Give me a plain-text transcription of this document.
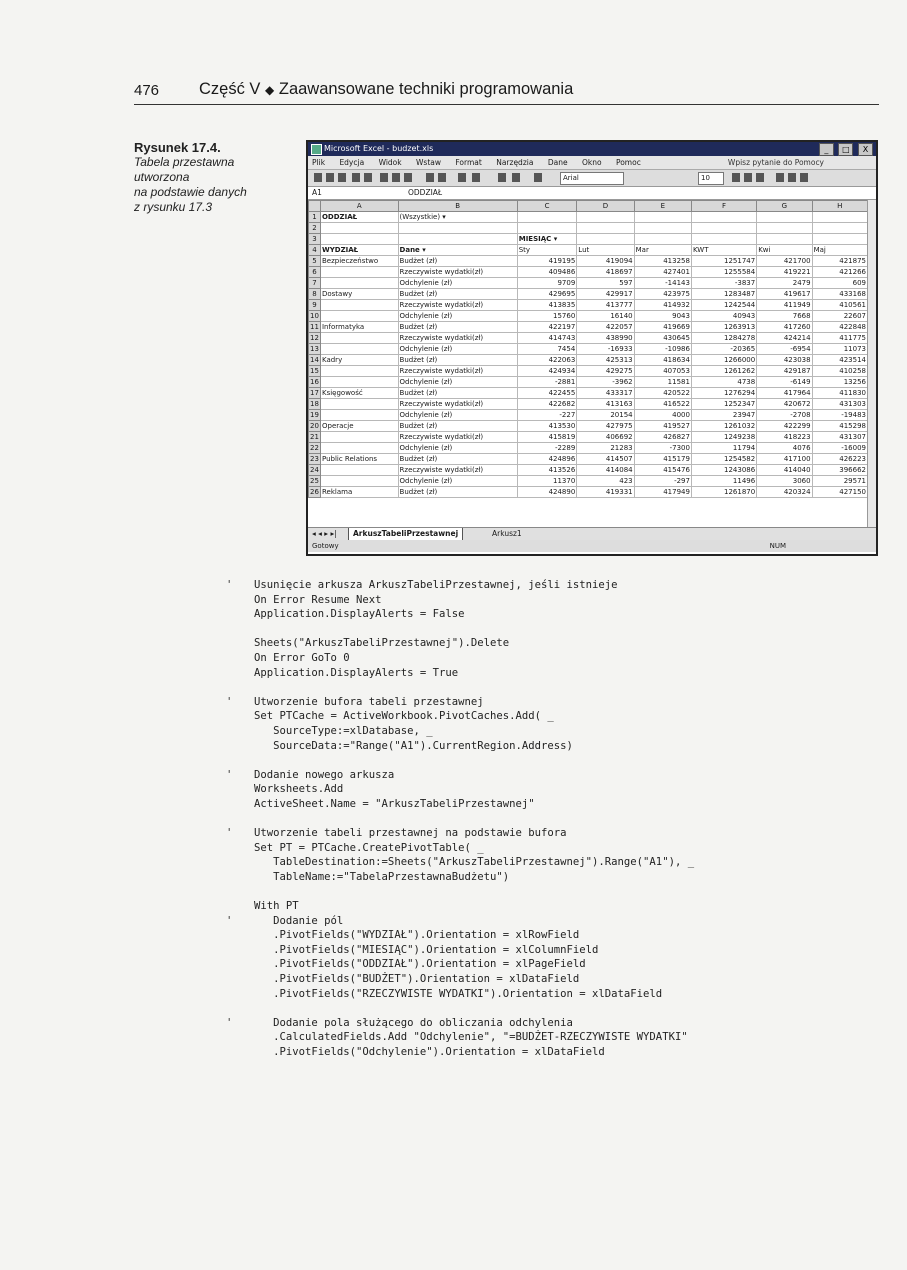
476 Część V ◆ Zaawansowane techniki programowania
Rysunek 17.4.
Tabela przestawna
utworzona
na podstawie danych
z rysunku 17.3
Microsoft Excel - budzet.xls	_ □ X
Plik Edycja Widok Wstaw Format Narzędzia Dane Okno Pomoc	Wpisz pytanie do Pomocy
Arial	10
A1	ODDZIAŁ
	A	B	C	D	E	F	G	H
1	ODDZIAŁ	(Wszystkie) ▾						
2								
3			MIESIĄC ▾					
4	WYDZIAŁ	Dane ▾	Sty	Lut	Mar	KWT	Kwi	Maj
5	Bezpieczeństwo	Budżet (zł)	419195	419094	413258	1251747	421700	421875
6		Rzeczywiste wydatki(zł)	409486	418697	427401	1255584	419221	421266
7		Odchylenie (zł)	9709	597	-14143	-3837	2479	609
8	Dostawy	Budżet (zł)	429695	429917	423975	1283487	419617	433168
9		Rzeczywiste wydatki(zł)	413835	413777	414932	1242544	411949	410561
10		Odchylenie (zł)	15760	16140	9043	40943	7668	22607
11	Informatyka	Budżet (zł)	422197	422057	419669	1263913	417260	422848
12		Rzeczywiste wydatki(zł)	414743	438990	430645	1284278	424214	411775
13		Odchylenie (zł)	7454	-16933	-10986	-20365	-6954	11073
14	Kadry	Budżet (zł)	422063	425313	418634	1266000	423038	423514
15		Rzeczywiste wydatki(zł)	424934	429275	407053	1261262	429187	410258
16		Odchylenie (zł)	-2881	-3962	11581	4738	-6149	13256
17	Księgowość	Budżet (zł)	422455	433317	420522	1276294	417964	411830
18		Rzeczywiste wydatki(zł)	422682	413163	416522	1252347	420672	431303
19		Odchylenie (zł)	-227	20154	4000	23947	-2708	-19483
20	Operacje	Budżet (zł)	413530	427975	419527	1261032	422299	415298
21		Rzeczywiste wydatki(zł)	415819	406692	426827	1249238	418223	431307
22		Odchylenie (zł)	-2289	21283	-7300	11794	4076	-16009
23	Public Relations	Budżet (zł)	424896	414507	415179	1254582	417100	426223
24		Rzeczywiste wydatki(zł)	413526	414084	415476	1243086	414040	396662
25		Odchylenie (zł)	11370	423	-297	11496	3060	29571
26	Reklama	Budżet (zł)	424890	419331	417949	1261870	420324	427150
◂ ◂ ▸ ▸|	ArkuszTabeliPrzestawnej	Arkusz1
Gotowy	NUM
' Usunięcie arkusza ArkuszTabeliPrzestawnej, jeśli istnieje
On Error Resume Next
Application.DisplayAlerts = False
Sheets("ArkuszTabeliPrzestawnej").Delete
On Error GoTo 0
Application.DisplayAlerts = True
' Utworzenie bufora tabeli przestawnej
Set PTCache = ActiveWorkbook.PivotCaches.Add( _
SourceType:=xlDatabase, _
SourceData:="Range("A1").CurrentRegion.Address)
' Dodanie nowego arkusza
Worksheets.Add
ActiveSheet.Name = "ArkuszTabeliPrzestawnej"
' Utworzenie tabeli przestawnej na podstawie bufora
Set PT = PTCache.CreatePivotTable( _
TableDestination:=Sheets("ArkuszTabeliPrzestawnej").Range("A1"), _
TableName:="TabelaPrzestawnaBudżetu")
With PT
' Dodanie pól
.PivotFields("WYDZIAŁ").Orientation = xlRowField
.PivotFields("MIESIĄC").Orientation = xlColumnField
.PivotFields("ODDZIAŁ").Orientation = xlPageField
.PivotFields("BUDŻET").Orientation = xlDataField
.PivotFields("RZECZYWISTE WYDATKI").Orientation = xlDataField
' Dodanie pola służącego do obliczania odchylenia
.CalculatedFields.Add "Odchylenie", "=BUDŻET-RZECZYWISTE WYDATKI"
.PivotFields("Odchylenie").Orientation = xlDataField
